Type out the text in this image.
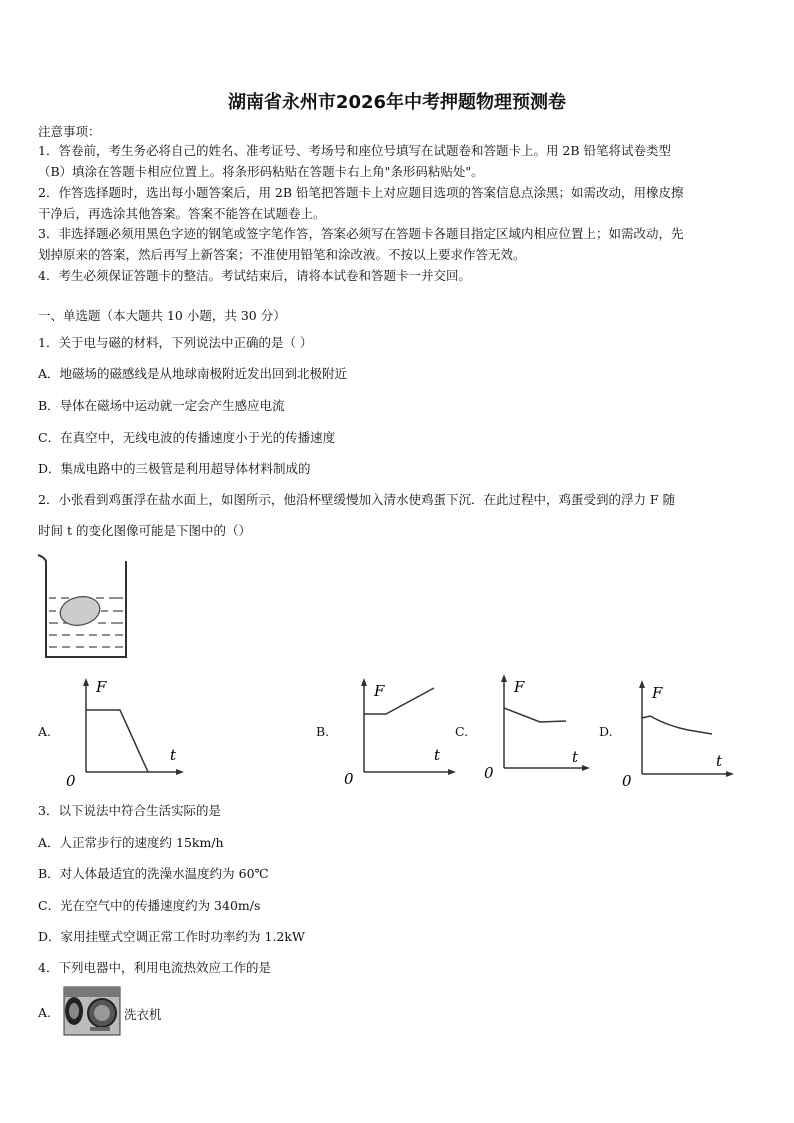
湖南省永州市2026年中考押题物理预测卷
注意事项：
1．答卷前，考生务必将自己的姓名、准考证号、考场号和座位号填写在试题卷和答题卡上。用 2B 铅笔将试卷类型
（B）填涂在答题卡相应位置上。将条形码粘贴在答题卡右上角"条形码粘贴处"。
2．作答选择题时，选出每小题答案后，用 2B 铅笔把答题卡上对应题目选项的答案信息点涂黑；如需改动，用橡皮擦
干净后，再选涂其他答案。答案不能答在试题卷上。
3．非选择题必须用黑色字迹的钢笔或签字笔作答，答案必须写在答题卡各题目指定区域内相应位置上；如需改动，先
划掉原来的答案，然后再写上新答案；不准使用铅笔和涂改液。不按以上要求作答无效。
4．考生必须保证答题卡的整洁。考试结束后，请将本试卷和答题卡一并交回。
一、单选题（本大题共 10 小题，共 30 分）
1．关于电与磁的材料，下列说法中正确的是（ ）
A．地磁场的磁感线是从地球南极附近发出回到北极附近
B．导体在磁场中运动就一定会产生感应电流
C．在真空中，无线电波的传播速度小于光的传播速度
D．集成电路中的三极管是利用超导体材料制成的
2．小张看到鸡蛋浮在盐水面上，如图所示，他沿杯壁缓慢加入清水使鸡蛋下沉．在此过程中，鸡蛋受到的浮力 F 随
时间 t 的变化图像可能是下图中的（）
A.	B.	C.	D.
F
t
0
F
t
0
F
t
0
F
t
0
3．以下说法中符合生活实际的是
A．人正常步行的速度约 15km/h
B．对人体最适宜的洗澡水温度约为 60℃
C．光在空气中的传播速度约为 340m/s
D．家用挂壁式空调正常工作时功率约为 1.2kW
4．下列电器中，利用电流热效应工作的是
A.	洗衣机
